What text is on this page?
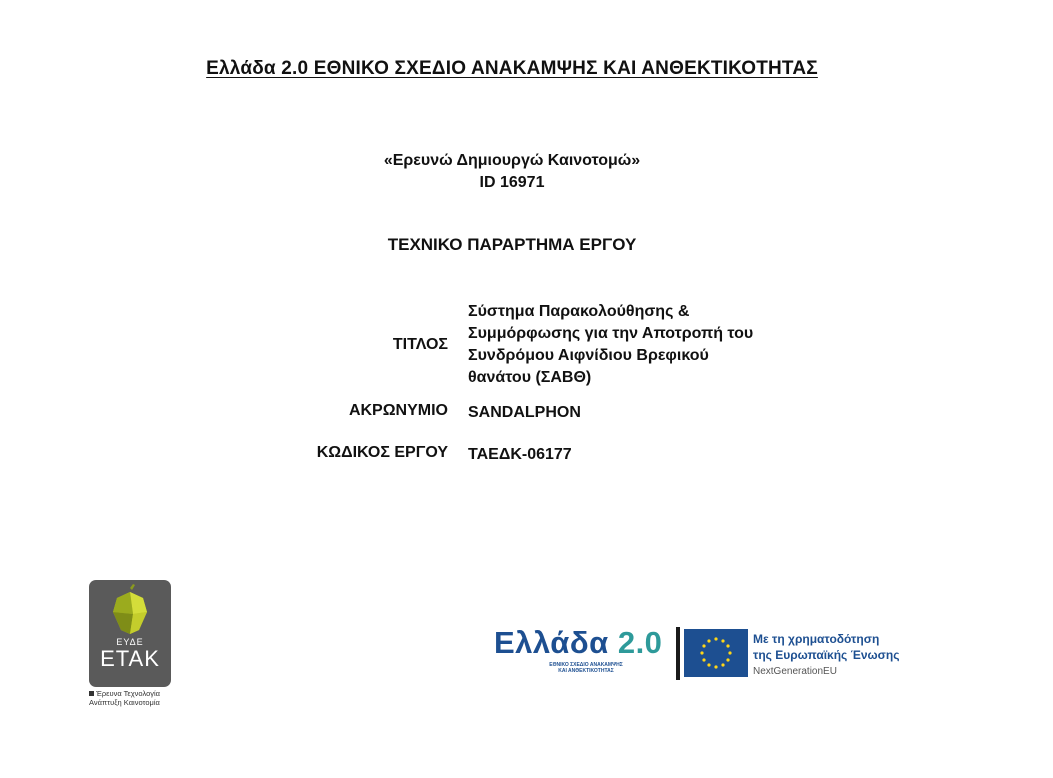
Ελλάδα 2.0 ΕΘΝΙΚΟ ΣΧΕΔΙΟ ΑΝΑΚΑΜΨΗΣ ΚΑΙ ΑΝΘΕΚΤΙΚΟΤΗΤΑΣ
«Ερευνώ Δημιουργώ Καινοτομώ»
ID 16971
ΤΕΧΝΙΚΟ ΠΑΡΑΡΤΗΜΑ ΕΡΓΟΥ
ΤΙΤΛΟΣ
Σύστημα Παρακολούθησης &
Συμμόρφωσης για την Αποτροπή του
Συνδρόμου Αιφνίδιου Βρεφικού
θανάτου (ΣΑΒΘ)
ΑΚΡΩΝΥΜΙΟ SANDALPHON
ΚΩΔΙΚΟΣ ΕΡΓΟΥ ΤΑΕΔΚ-06177
ΕΥΔΕ
ΕΤΑΚ
Έρευνα Τεχνολογία
Ανάπτυξη Καινοτομία
Ελλάδα 2.0
ΕΘΝΙΚΟ ΣΧΕΔΙΟ ΑΝΑΚΑΜΨΗΣ
ΚΑΙ ΑΝΘΕΚΤΙΚΟΤΗΤΑΣ
Με τη χρηματοδότηση
της Ευρωπαϊκής Ένωσης
NextGenerationEU
